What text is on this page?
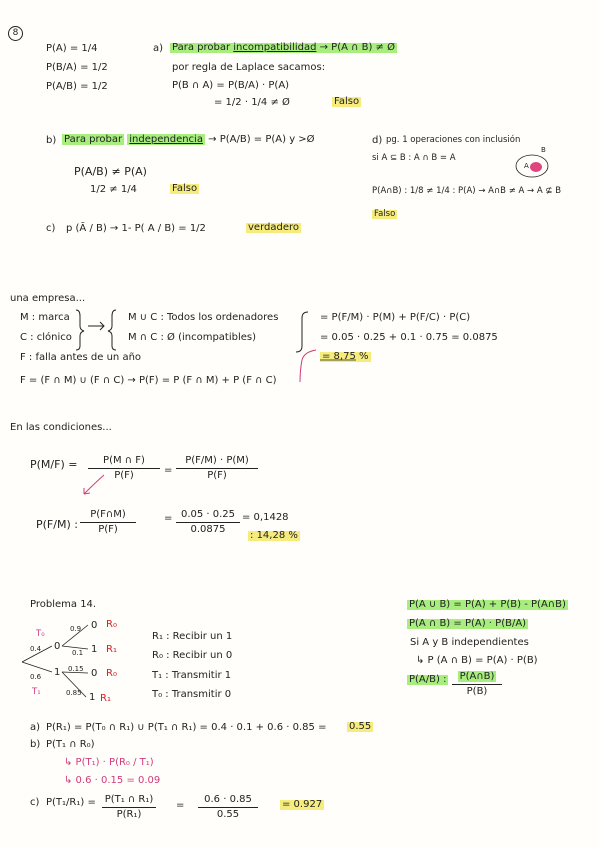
8
P(A) = 1/4
P(B/A) = 1/2
P(A/B) = 1/2
a) Para probar incompatibilidad → P(A ∩ B) ≠ Ø
por regla de Laplace sacamos:
P(B ∩ A) = P(B/A) · P(A)
= 1/2 · 1/4 ≠ Ø	Falso
b) Para probar independencia → P(A/B) = P(A) y >Ø
P(A/B) ≠ P(A)
1/2 ≠ 1/4	Falso
c) p (Ā / B) → 1- P( A / B) = 1/2	verdadero
d) pg. 1 operaciones con inclusión
si A ⊆ B : A ∩ B = A
P(A∩B) : 1/8 ≠ 1/4 : P(A) → A∩B ≠ A → A ⊈ B
Falso
B
A
una empresa...
M : marca
C : clónico
F : falla antes de un año
M ∪ C : Todos los ordenadores
M ∩ C : Ø (incompatibles)
F = (F ∩ M) ∪ (F ∩ C) → P(F) = P (F ∩ M) + P (F ∩ C)
= P(F/M) · P(M) + P(F/C) · P(C)
= 0.05 · 0.25 + 0.1 · 0.75 = 0.0875
= 8,75 %
En las condiciones...
P(M/F) =	P(M ∩ F)
P(F)	=
P(F/M) · P(M)
P(F)
P(F/M) :
P(F∩M)
P(F)
= 0.05 · 0.25
0.0875
= 0,1428
: 14,28 %
Problema 14.
T₀
T₁
0.4
0.6
0
1
0.9
0.1
0.15
0.85
0
1
0
1
R₀
R₁
R₀
R₁
R₁ : Recibir un 1
R₀ : Recibir un 0
T₁ : Transmitir 1
T₀ : Transmitir 0
P(A ∪ B) = P(A) + P(B) - P(A∩B)
P(A ∩ B) = P(A) · P(B/A)
Si A y B independientes
↳ P (A ∩ B) = P(A) · P(B)
P(A/B) :	P(A∩B)
P(B)
a) P(R₁) = P(T₀ ∩ R₁) ∪ P(T₁ ∩ R₁) = 0.4 · 0.1 + 0.6 · 0.85 = 0.55
b) P(T₁ ∩ R₀)
↳ P(T₁) · P(R₀ / T₁)
↳ 0.6 · 0.15 = 0.09
c) P(T₁/R₁) = P(T₁ ∩ R₁)
P(R₁)
=
0.6 · 0.85
0.55
= 0.927
